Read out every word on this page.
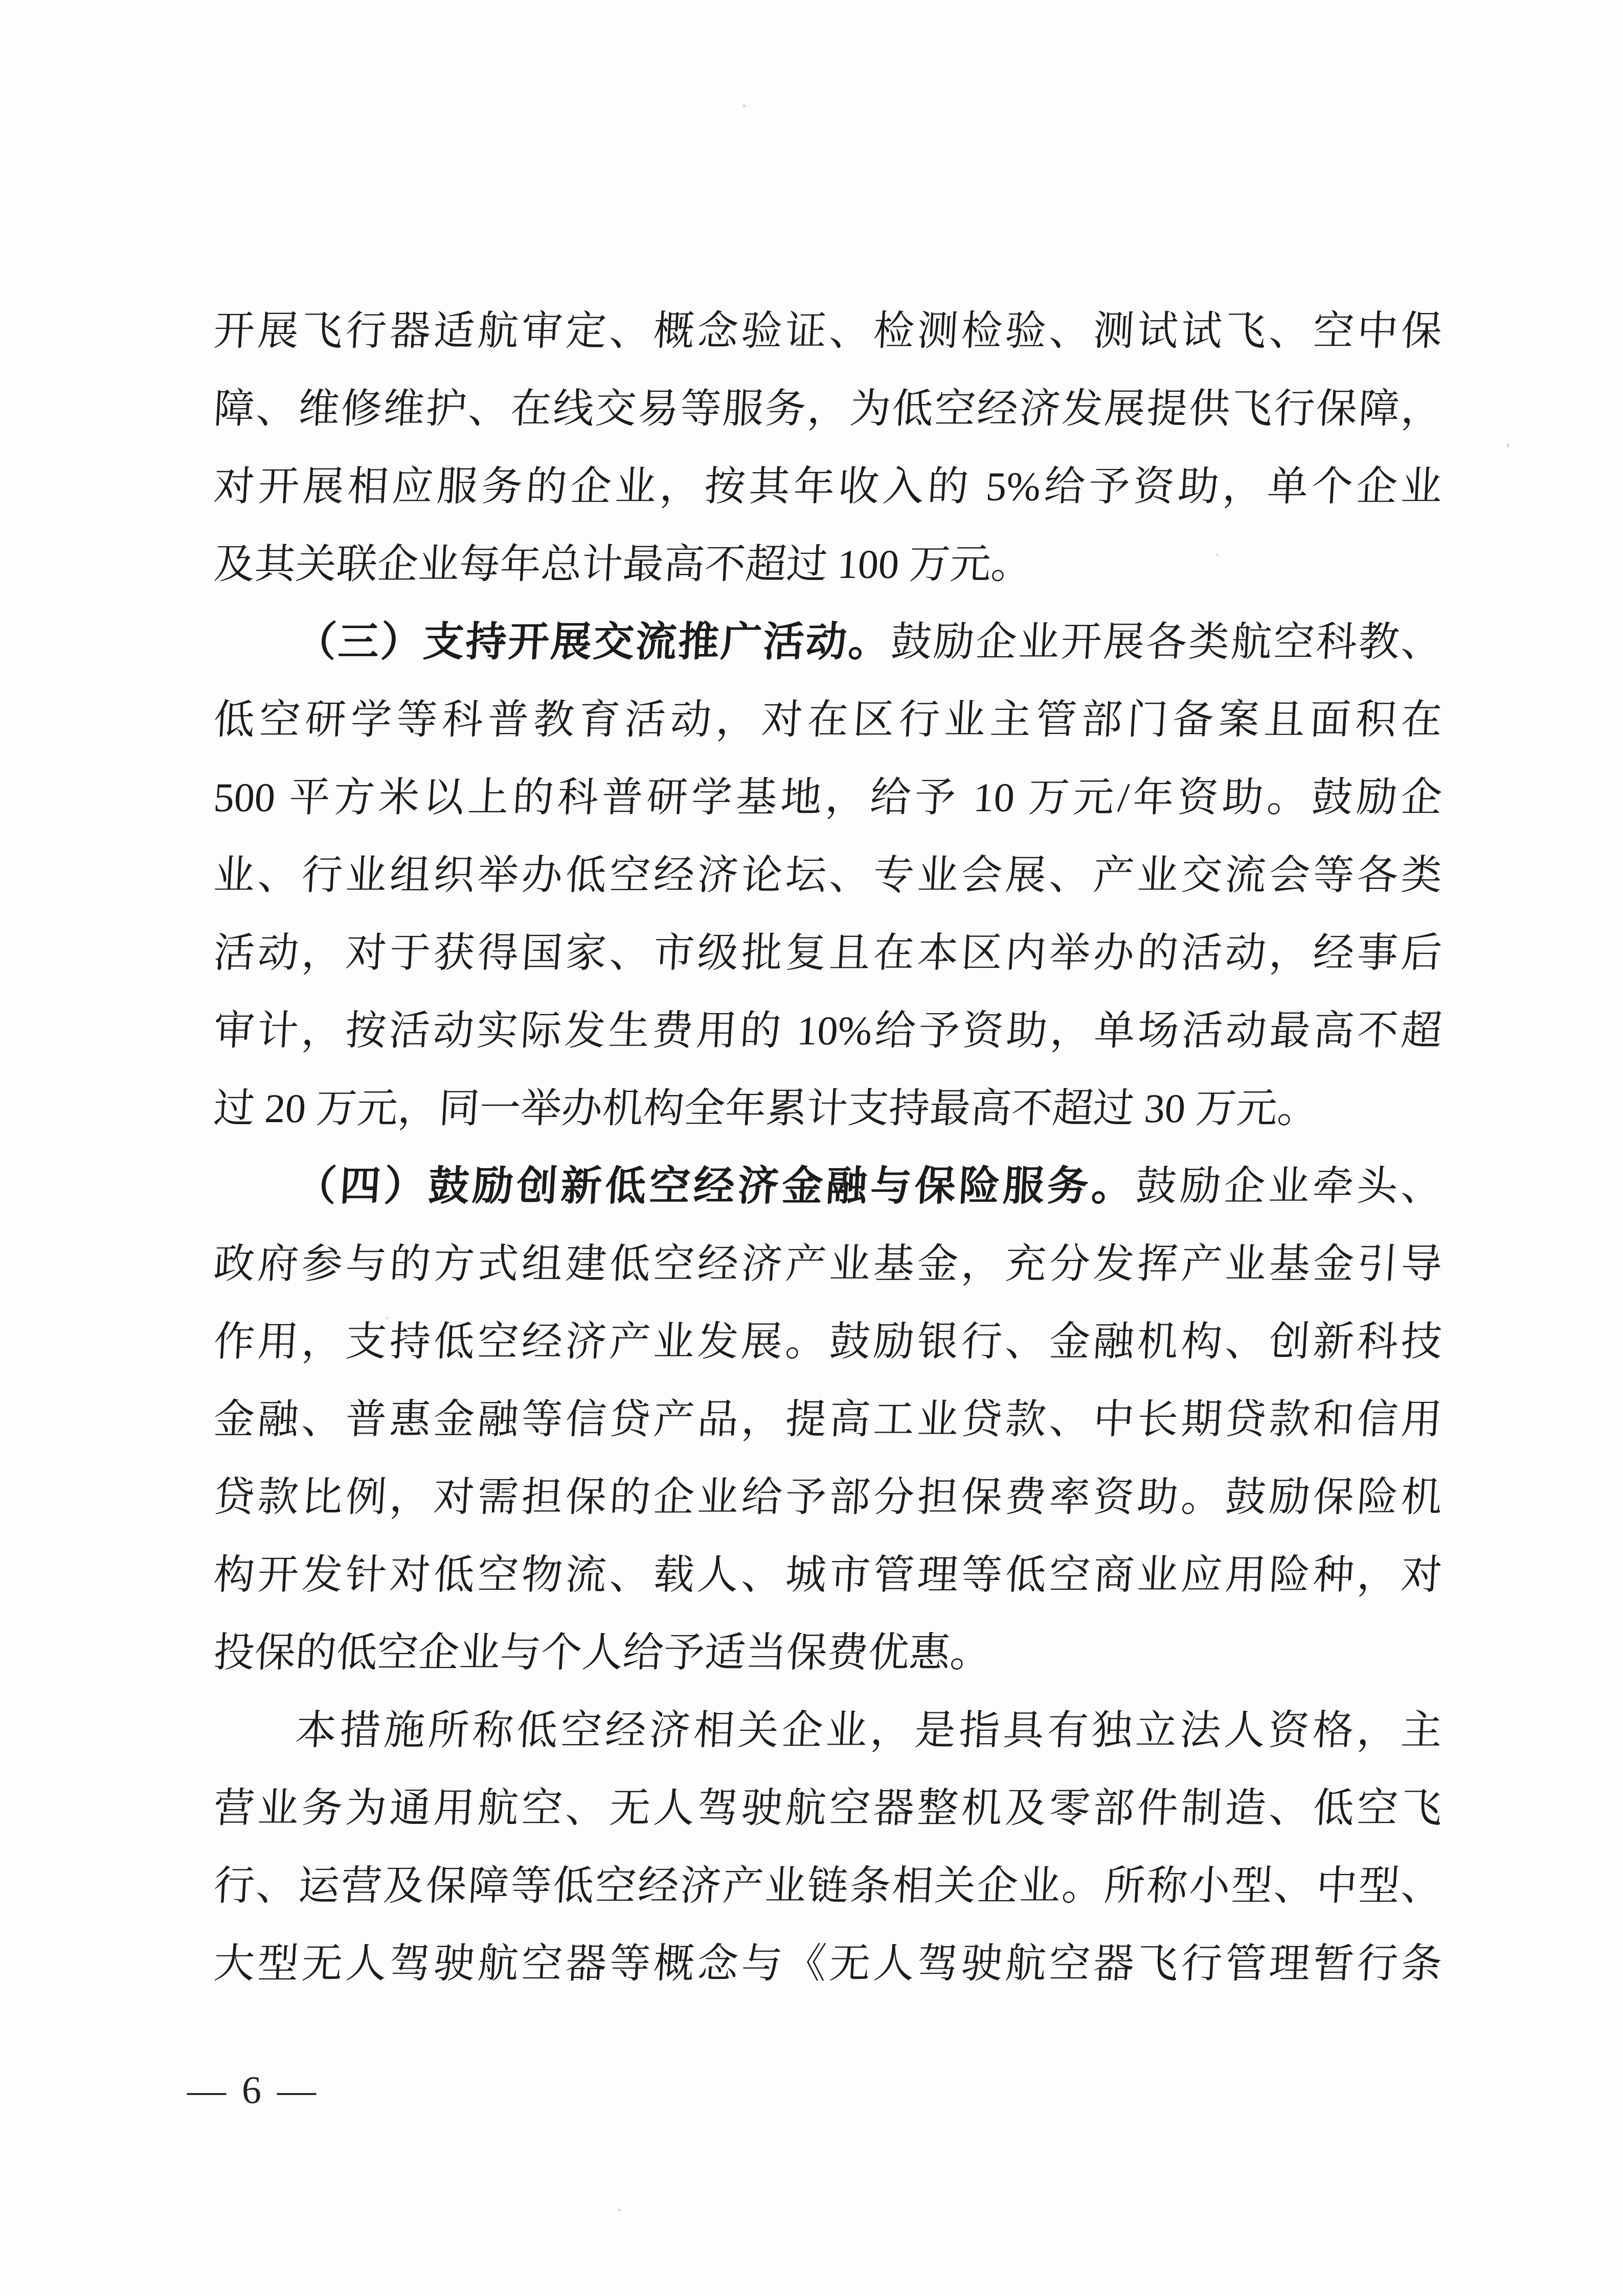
开展飞行器适航审定、概念验证、检测检验、测试试飞、空中保
障、维修维护、在线交易等服务，为低空经济发展提供飞行保障，
对开展相应服务的企业，按其年收入的 5%给予资助，单个企业
及其关联企业每年总计最高不超过 100 万元。
（三）支持开展交流推广活动。鼓励企业开展各类航空科教、
低空研学等科普教育活动，对在区行业主管部门备案且面积在
500 平方米以上的科普研学基地，给予 10 万元/年资助。鼓励企
业、行业组织举办低空经济论坛、专业会展、产业交流会等各类
活动，对于获得国家、市级批复且在本区内举办的活动，经事后
审计，按活动实际发生费用的 10%给予资助，单场活动最高不超
过 20 万元，同一举办机构全年累计支持最高不超过 30 万元。
（四）鼓励创新低空经济金融与保险服务。鼓励企业牵头、
政府参与的方式组建低空经济产业基金，充分发挥产业基金引导
作用，支持低空经济产业发展。鼓励银行、金融机构、创新科技
金融、普惠金融等信贷产品，提高工业贷款、中长期贷款和信用
贷款比例，对需担保的企业给予部分担保费率资助。鼓励保险机
构开发针对低空物流、载人、城市管理等低空商业应用险种，对
投保的低空企业与个人给予适当保费优惠。
本措施所称低空经济相关企业，是指具有独立法人资格，主
营业务为通用航空、无人驾驶航空器整机及零部件制造、低空飞
行、运营及保障等低空经济产业链条相关企业。所称小型、中型、
大型无人驾驶航空器等概念与《无人驾驶航空器飞行管理暂行条
— 6 —
